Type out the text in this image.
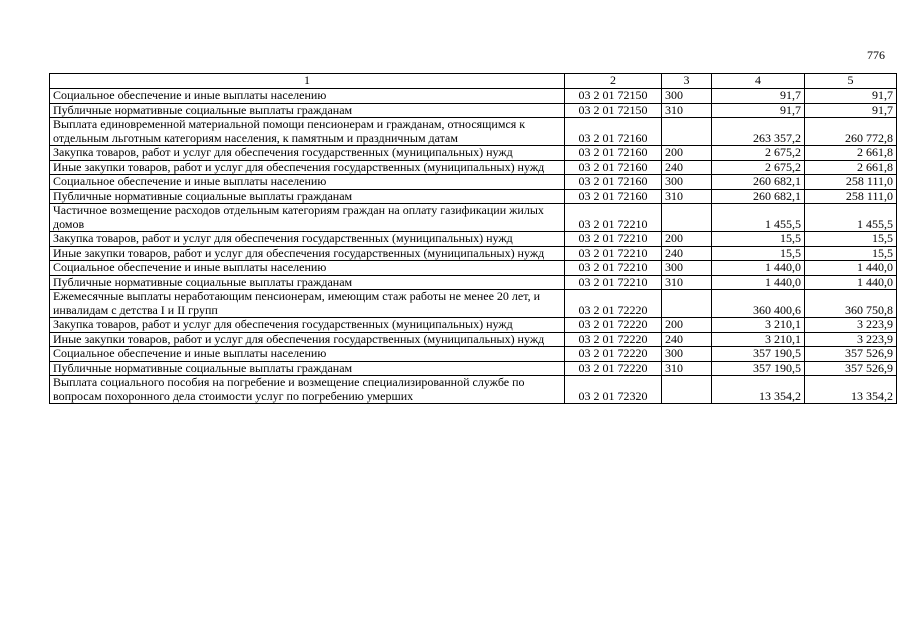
776
1	2	3	4	5
Социальное обеспечение и иные выплаты населению	03 2 01 72150	300	91,7	91,7
Публичные нормативные социальные выплаты гражданам	03 2 01 72150	310	91,7	91,7
Выплата единовременной материальной помощи пенсионерам и гражданам, относящимся к отдельным льготным категориям населения, к памятным и праздничным датам	03 2 01 72160		263 357,2	260 772,8
Закупка товаров, работ и услуг для обеспечения государственных (муниципальных) нужд	03 2 01 72160	200	2 675,2	2 661,8
Иные закупки товаров, работ и услуг для обеспечения государственных (муниципальных) нужд	03 2 01 72160	240	2 675,2	2 661,8
Социальное обеспечение и иные выплаты населению	03 2 01 72160	300	260 682,1	258 111,0
Публичные нормативные социальные выплаты гражданам	03 2 01 72160	310	260 682,1	258 111,0
Частичное возмещение расходов отдельным категориям граждан на оплату газификации жилых домов	03 2 01 72210		1 455,5	1 455,5
Закупка товаров, работ и услуг для обеспечения государственных (муниципальных) нужд	03 2 01 72210	200	15,5	15,5
Иные закупки товаров, работ и услуг для обеспечения государственных (муниципальных) нужд	03 2 01 72210	240	15,5	15,5
Социальное обеспечение и иные выплаты населению	03 2 01 72210	300	1 440,0	1 440,0
Публичные нормативные социальные выплаты гражданам	03 2 01 72210	310	1 440,0	1 440,0
Ежемесячные выплаты неработающим пенсионерам, имеющим стаж работы не менее 20 лет, и инвалидам с детства I и II групп	03 2 01 72220		360 400,6	360 750,8
Закупка товаров, работ и услуг для обеспечения государственных (муниципальных) нужд	03 2 01 72220	200	3 210,1	3 223,9
Иные закупки товаров, работ и услуг для обеспечения государственных (муниципальных) нужд	03 2 01 72220	240	3 210,1	3 223,9
Социальное обеспечение и иные выплаты населению	03 2 01 72220	300	357 190,5	357 526,9
Публичные нормативные социальные выплаты гражданам	03 2 01 72220	310	357 190,5	357 526,9
Выплата социального пособия на погребение и возмещение специализированной службе по вопросам похоронного дела стоимости услуг по погребению умерших	03 2 01 72320		13 354,2	13 354,2
